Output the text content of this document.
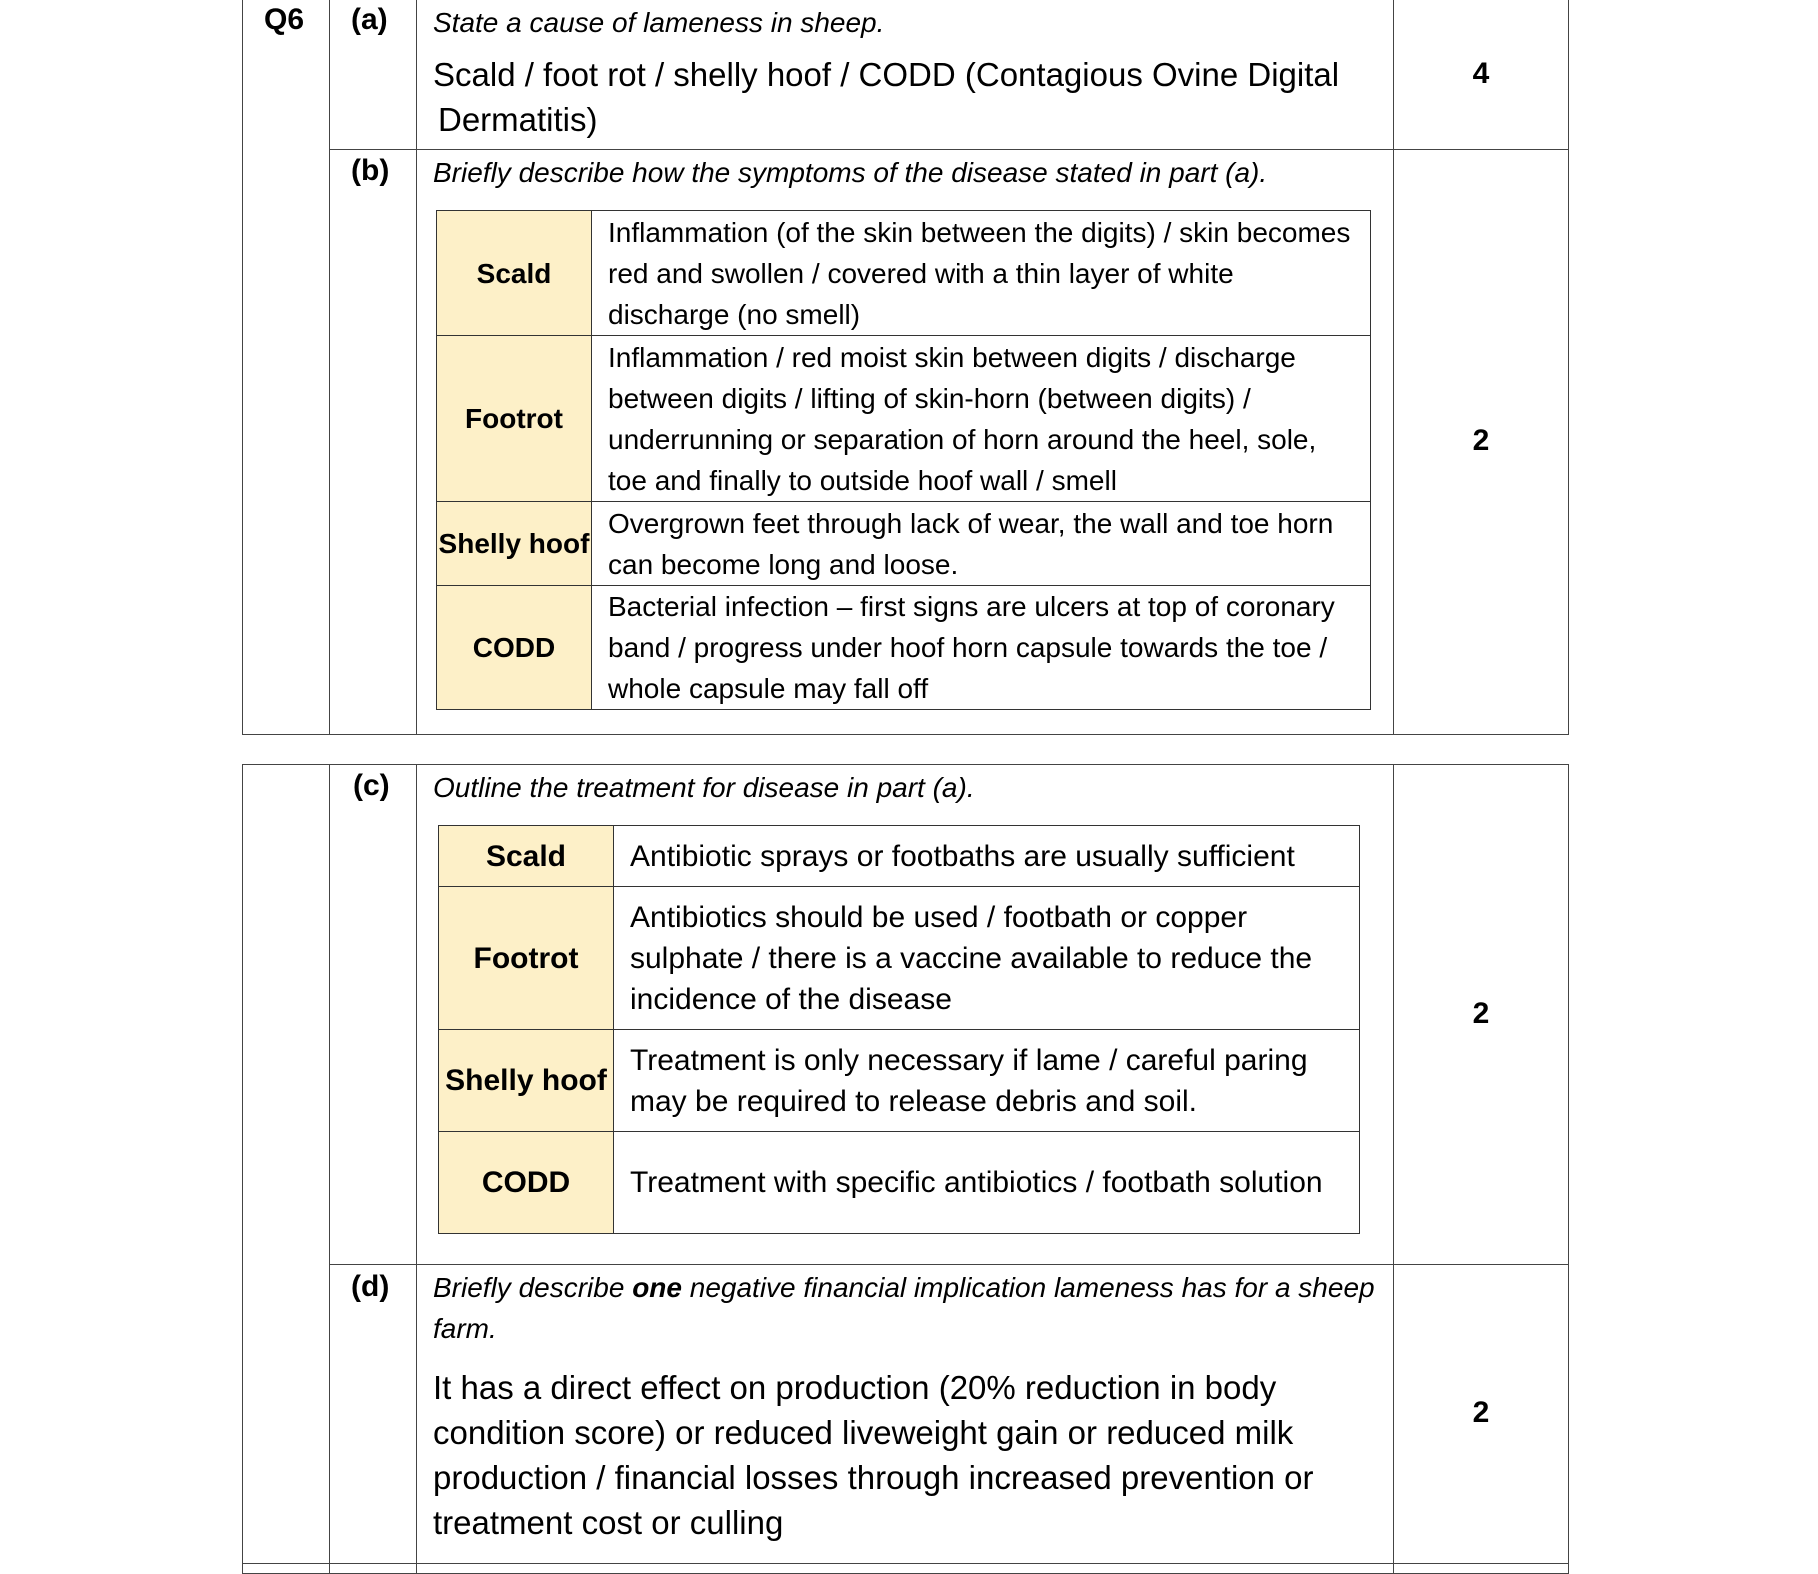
Q6 (a) State a cause of lameness in sheep.
Scald / foot rot / shelly hoof / CODD (Contagious Ovine Digital
Dermatitis)
4
(b) Briefly describe how the symptoms of the disease stated in part (a).
2
Scald	Inflammation (of the skin between the digits) / skin becomes red and swollen / covered with a thin layer of white discharge (no smell)
Footrot	Inflammation / red moist skin between digits / discharge between digits / lifting of skin-horn (between digits) / underrunning or separation of horn around the heel, sole, toe and finally to outside hoof wall / smell
Shelly hoof	Overgrown feet through lack of wear, the wall and toe horn can become long and loose.
CODD	Bacterial infection – first signs are ulcers at top of coronary band / progress under hoof horn capsule towards the toe / whole capsule may fall off
(c) Outline the treatment for disease in part (a).
2
Scald	Antibiotic sprays or footbaths are usually sufficient
Footrot	Antibiotics should be used / footbath or copper sulphate / there is a vaccine available to reduce the incidence of the disease
Shelly hoof	Treatment is only necessary if lame / careful paring may be required to release debris and soil.
CODD	Treatment with specific antibiotics / footbath solution
(d) Briefly describe one negative financial implication lameness has for a sheep farm.
It has a direct effect on production (20% reduction in body condition score) or reduced liveweight gain or reduced milk production / financial losses through increased prevention or treatment cost or culling
2
